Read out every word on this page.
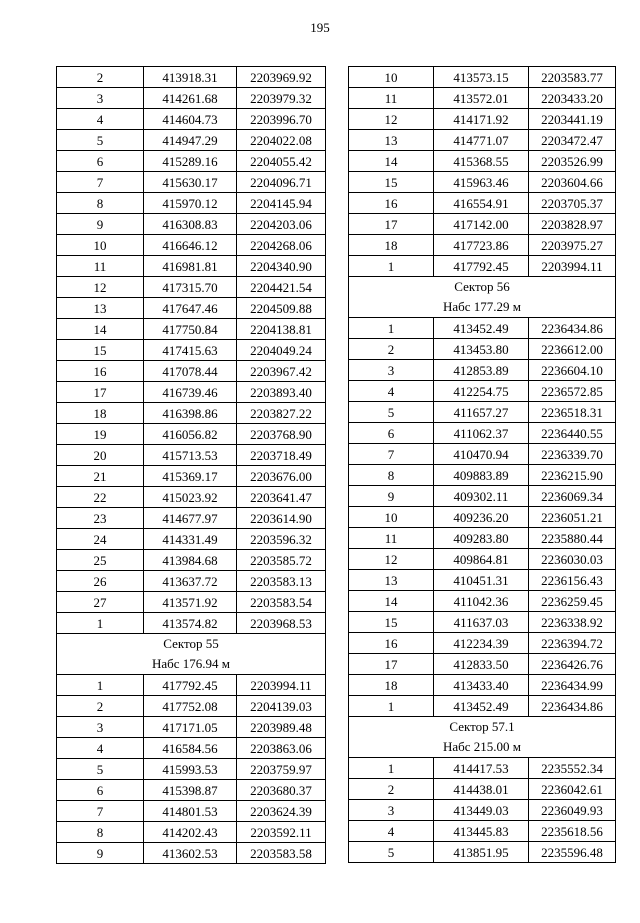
195
2	413918.31	2203969.92
3	414261.68	2203979.32
4	414604.73	2203996.70
5	414947.29	2204022.08
6	415289.16	2204055.42
7	415630.17	2204096.71
8	415970.12	2204145.94
9	416308.83	2204203.06
10	416646.12	2204268.06
11	416981.81	2204340.90
12	417315.70	2204421.54
13	417647.46	2204509.88
14	417750.84	2204138.81
15	417415.63	2204049.24
16	417078.44	2203967.42
17	416739.46	2203893.40
18	416398.86	2203827.22
19	416056.82	2203768.90
20	415713.53	2203718.49
21	415369.17	2203676.00
22	415023.92	2203641.47
23	414677.97	2203614.90
24	414331.49	2203596.32
25	413984.68	2203585.72
26	413637.72	2203583.13
27	413571.92	2203583.54
1	413574.82	2203968.53

Сектор 55
Набс 176.94 м		

1	417792.45	2203994.11
2	417752.08	2204139.03
3	417171.05	2203989.48
4	416584.56	2203863.06
5	415993.53	2203759.97
6	415398.87	2203680.37
7	414801.53	2203624.39
8	414202.43	2203592.11
9	413602.53	2203583.58
10	413573.15	2203583.77
11	413572.01	2203433.20
12	414171.92	2203441.19
13	414771.07	2203472.47
14	415368.55	2203526.99
15	415963.46	2203604.66
16	416554.91	2203705.37
17	417142.00	2203828.97
18	417723.86	2203975.27
1	417792.45	2203994.11

Сектор 56
Набс 177.29 м		

1	413452.49	2236434.86
2	413453.80	2236612.00
3	412853.89	2236604.10
4	412254.75	2236572.85
5	411657.27	2236518.31
6	411062.37	2236440.55
7	410470.94	2236339.70
8	409883.89	2236215.90
9	409302.11	2236069.34
10	409236.20	2236051.21
11	409283.80	2235880.44
12	409864.81	2236030.03
13	410451.31	2236156.43
14	411042.36	2236259.45
15	411637.03	2236338.92
16	412234.39	2236394.72
17	412833.50	2236426.76
18	413433.40	2236434.99
1	413452.49	2236434.86

Сектор 57.1
Набс 215.00 м		

1	414417.53	2235552.34
2	414438.01	2236042.61
3	413449.03	2236049.93
4	413445.83	2235618.56
5	413851.95	2235596.48
